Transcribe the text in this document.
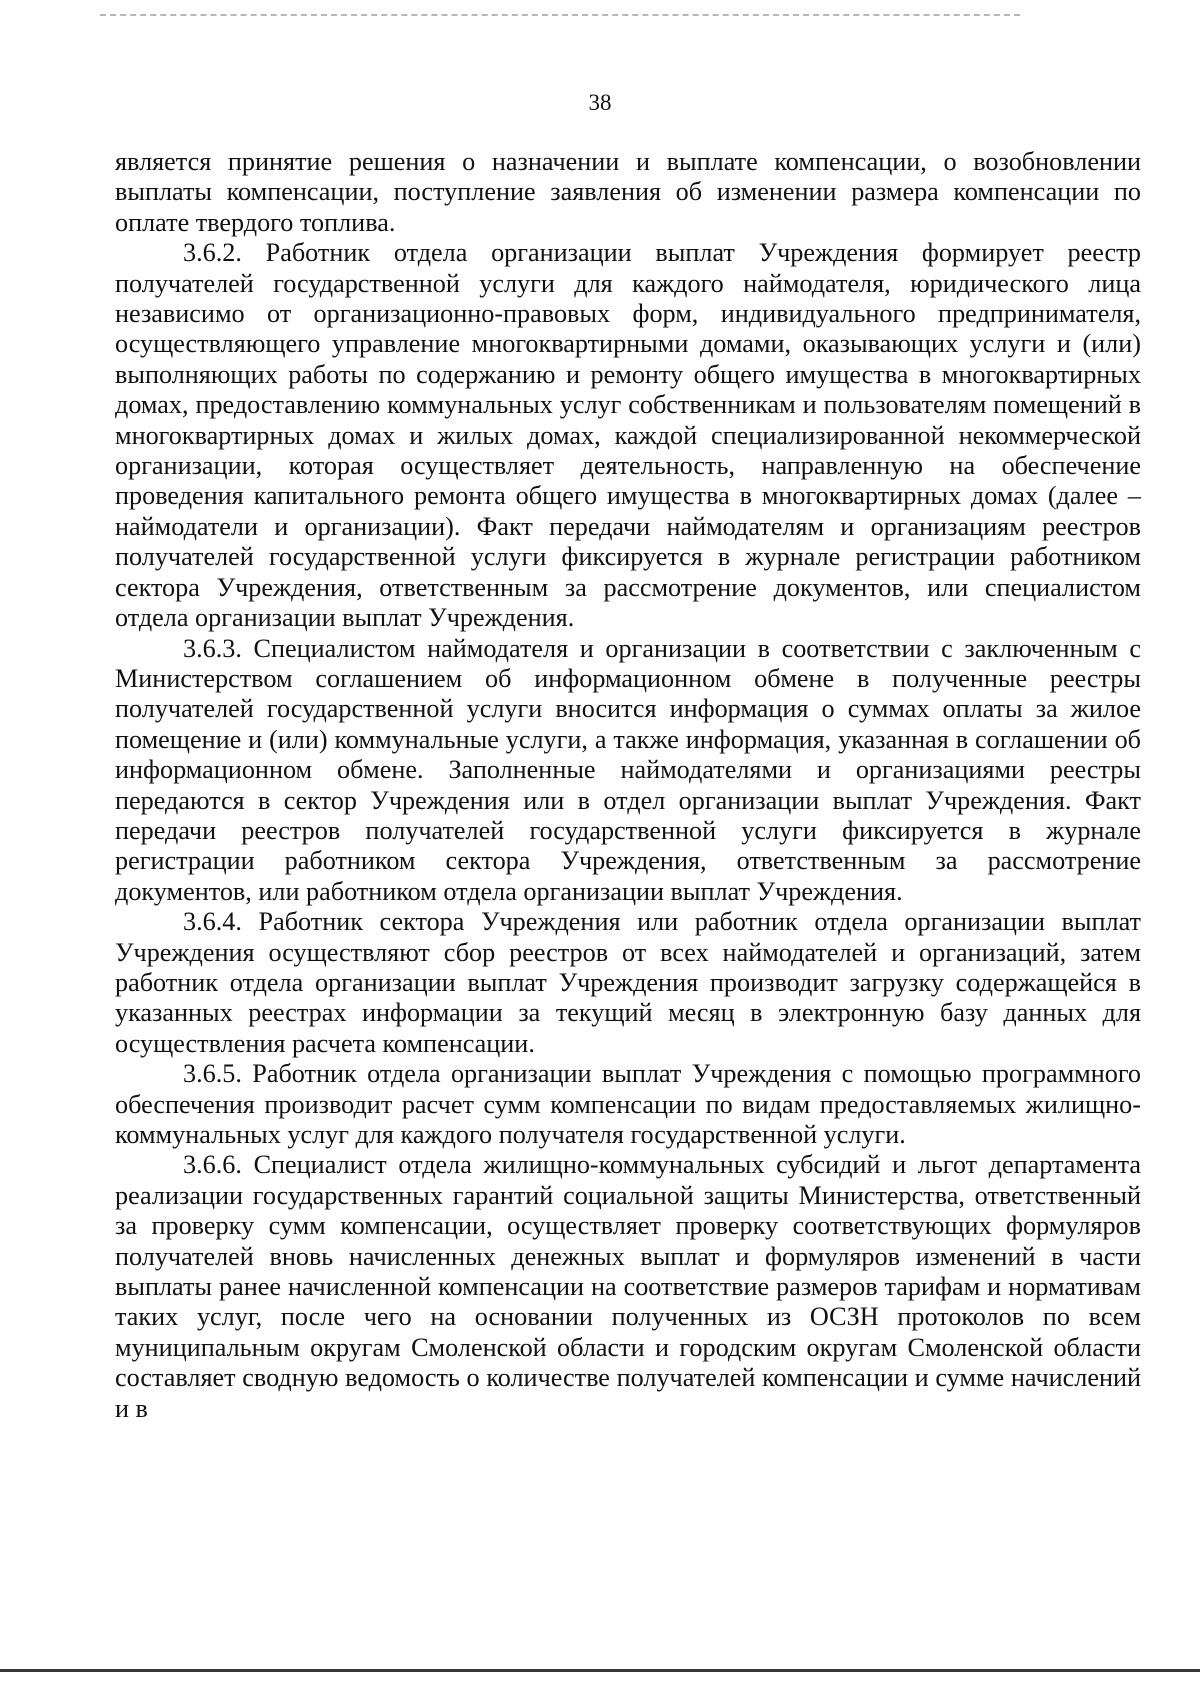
38

является принятие решения о назначении и выплате компенсации, о возобновлении выплаты компенсации, поступление заявления об изменении размера компенсации по оплате твердого топлива.

3.6.2. Работник отдела организации выплат Учреждения формирует реестр получателей государственной услуги для каждого наймодателя, юридического лица независимо от организационно-правовых форм, индивидуального предпринимателя, осуществляющего управление многоквартирными домами, оказывающих услуги и (или) выполняющих работы по содержанию и ремонту общего имущества в многоквартирных домах, предоставлению коммунальных услуг собственникам и пользователям помещений в многоквартирных домах и жилых домах, каждой специализированной некоммерческой организации, которая осуществляет деятельность, направленную на обеспечение проведения капитального ремонта общего имущества в многоквартирных домах (далее – наймодатели и организации). Факт передачи наймодателям и организациям реестров получателей государственной услуги фиксируется в журнале регистрации работником сектора Учреждения, ответственным за рассмотрение документов, или специалистом отдела организации выплат Учреждения.

3.6.3. Специалистом наймодателя и организации в соответствии с заключенным с Министерством соглашением об информационном обмене в полученные реестры получателей государственной услуги вносится информация о суммах оплаты за жилое помещение и (или) коммунальные услуги, а также информация, указанная в соглашении об информационном обмене. Заполненные наймодателями и организациями реестры передаются в сектор Учреждения или в отдел организации выплат Учреждения. Факт передачи реестров получателей государственной услуги фиксируется в журнале регистрации работником сектора Учреждения, ответственным за рассмотрение документов, или работником отдела организации выплат Учреждения.

3.6.4. Работник сектора Учреждения или работник отдела организации выплат Учреждения осуществляют сбор реестров от всех наймодателей и организаций, затем работник отдела организации выплат Учреждения производит загрузку содержащейся в указанных реестрах информации за текущий месяц в электронную базу данных для осуществления расчета компенсации.

3.6.5. Работник отдела организации выплат Учреждения с помощью программного обеспечения производит расчет сумм компенсации по видам предоставляемых жилищно-коммунальных услуг для каждого получателя государственной услуги.

3.6.6. Специалист отдела жилищно-коммунальных субсидий и льгот департамента реализации государственных гарантий социальной защиты Министерства, ответственный за проверку сумм компенсации, осуществляет проверку соответствующих формуляров получателей вновь начисленных денежных выплат и формуляров изменений в части выплаты ранее начисленной компенсации на соответствие размеров тарифам и нормативам таких услуг, после чего на основании полученных из ОСЗН протоколов по всем муниципальным округам Смоленской области и городским округам Смоленской области составляет сводную ведомость о количестве получателей компенсации и сумме начислений и в
